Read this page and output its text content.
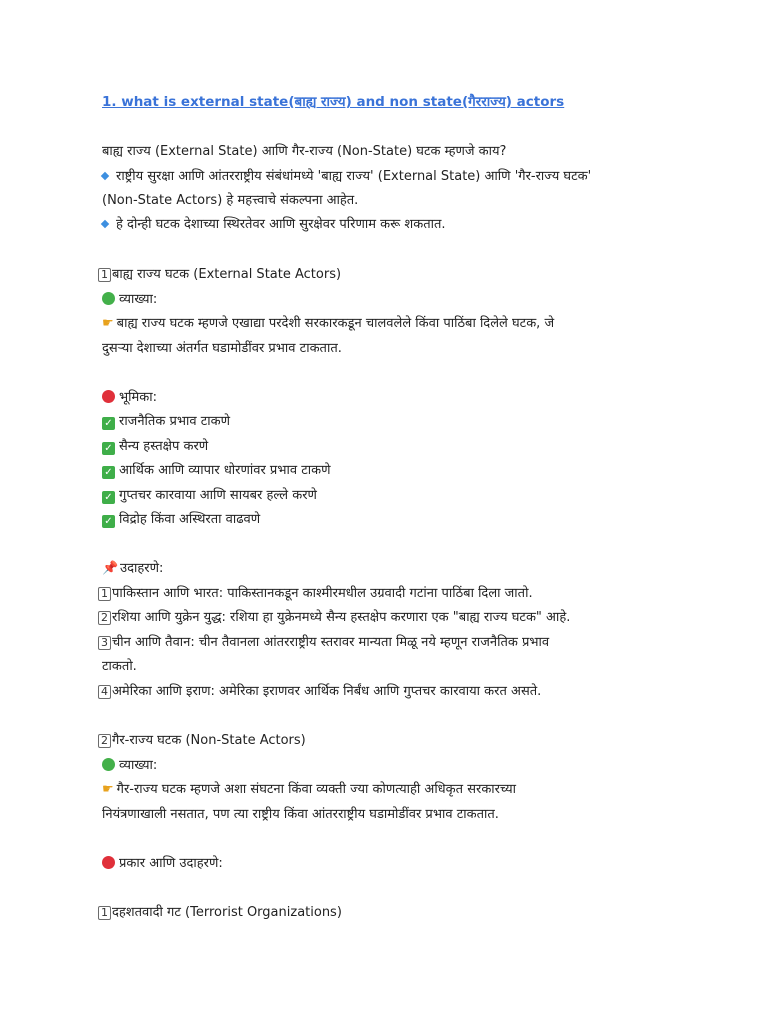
1. what is external state(बाह्य राज्य) and non state(गैरराज्य) actors
बाह्य राज्य (External State) आणि गैर-राज्य (Non-State) घटक म्हणजे काय?
राष्ट्रीय सुरक्षा आणि आंतरराष्ट्रीय संबंधांमध्ये 'बाह्य राज्य' (External State) आणि 'गैर-राज्य घटक'
(Non-State Actors) हे महत्त्वाचे संकल्पना आहेत.
हे दोन्ही घटक देशाच्या स्थिरतेवर आणि सुरक्षेवर परिणाम करू शकतात.
1 बाह्य राज्य घटक (External State Actors)
व्याख्या:
☛ बाह्य राज्य घटक म्हणजे एखाद्या परदेशी सरकारकडून चालवलेले किंवा पाठिंबा दिलेले घटक, जे
दुसऱ्या देशाच्या अंतर्गत घडामोडींवर प्रभाव टाकतात.
भूमिका:
✓ राजनैतिक प्रभाव टाकणे
✓ सैन्य हस्तक्षेप करणे
✓ आर्थिक आणि व्यापार धोरणांवर प्रभाव टाकणे
✓ गुप्तचर कारवाया आणि सायबर हल्ले करणे
✓ विद्रोह किंवा अस्थिरता वाढवणे
📌 उदाहरणे:
1 पाकिस्तान आणि भारत: पाकिस्तानकडून काश्मीरमधील उग्रवादी गटांना पाठिंबा दिला जातो.
2 रशिया आणि युक्रेन युद्ध: रशिया हा युक्रेनमध्ये सैन्य हस्तक्षेप करणारा एक "बाह्य राज्य घटक" आहे.
3 चीन आणि तैवान: चीन तैवानला आंतरराष्ट्रीय स्तरावर मान्यता मिळू नये म्हणून राजनैतिक प्रभाव
टाकतो.
4 अमेरिका आणि इराण: अमेरिका इराणवर आर्थिक निर्बंध आणि गुप्तचर कारवाया करत असते.
2 गैर-राज्य घटक (Non-State Actors)
व्याख्या:
☛ गैर-राज्य घटक म्हणजे अशा संघटना किंवा व्यक्ती ज्या कोणत्याही अधिकृत सरकारच्या
नियंत्रणाखाली नसतात, पण त्या राष्ट्रीय किंवा आंतरराष्ट्रीय घडामोडींवर प्रभाव टाकतात.
प्रकार आणि उदाहरणे:
1 दहशतवादी गट (Terrorist Organizations)
